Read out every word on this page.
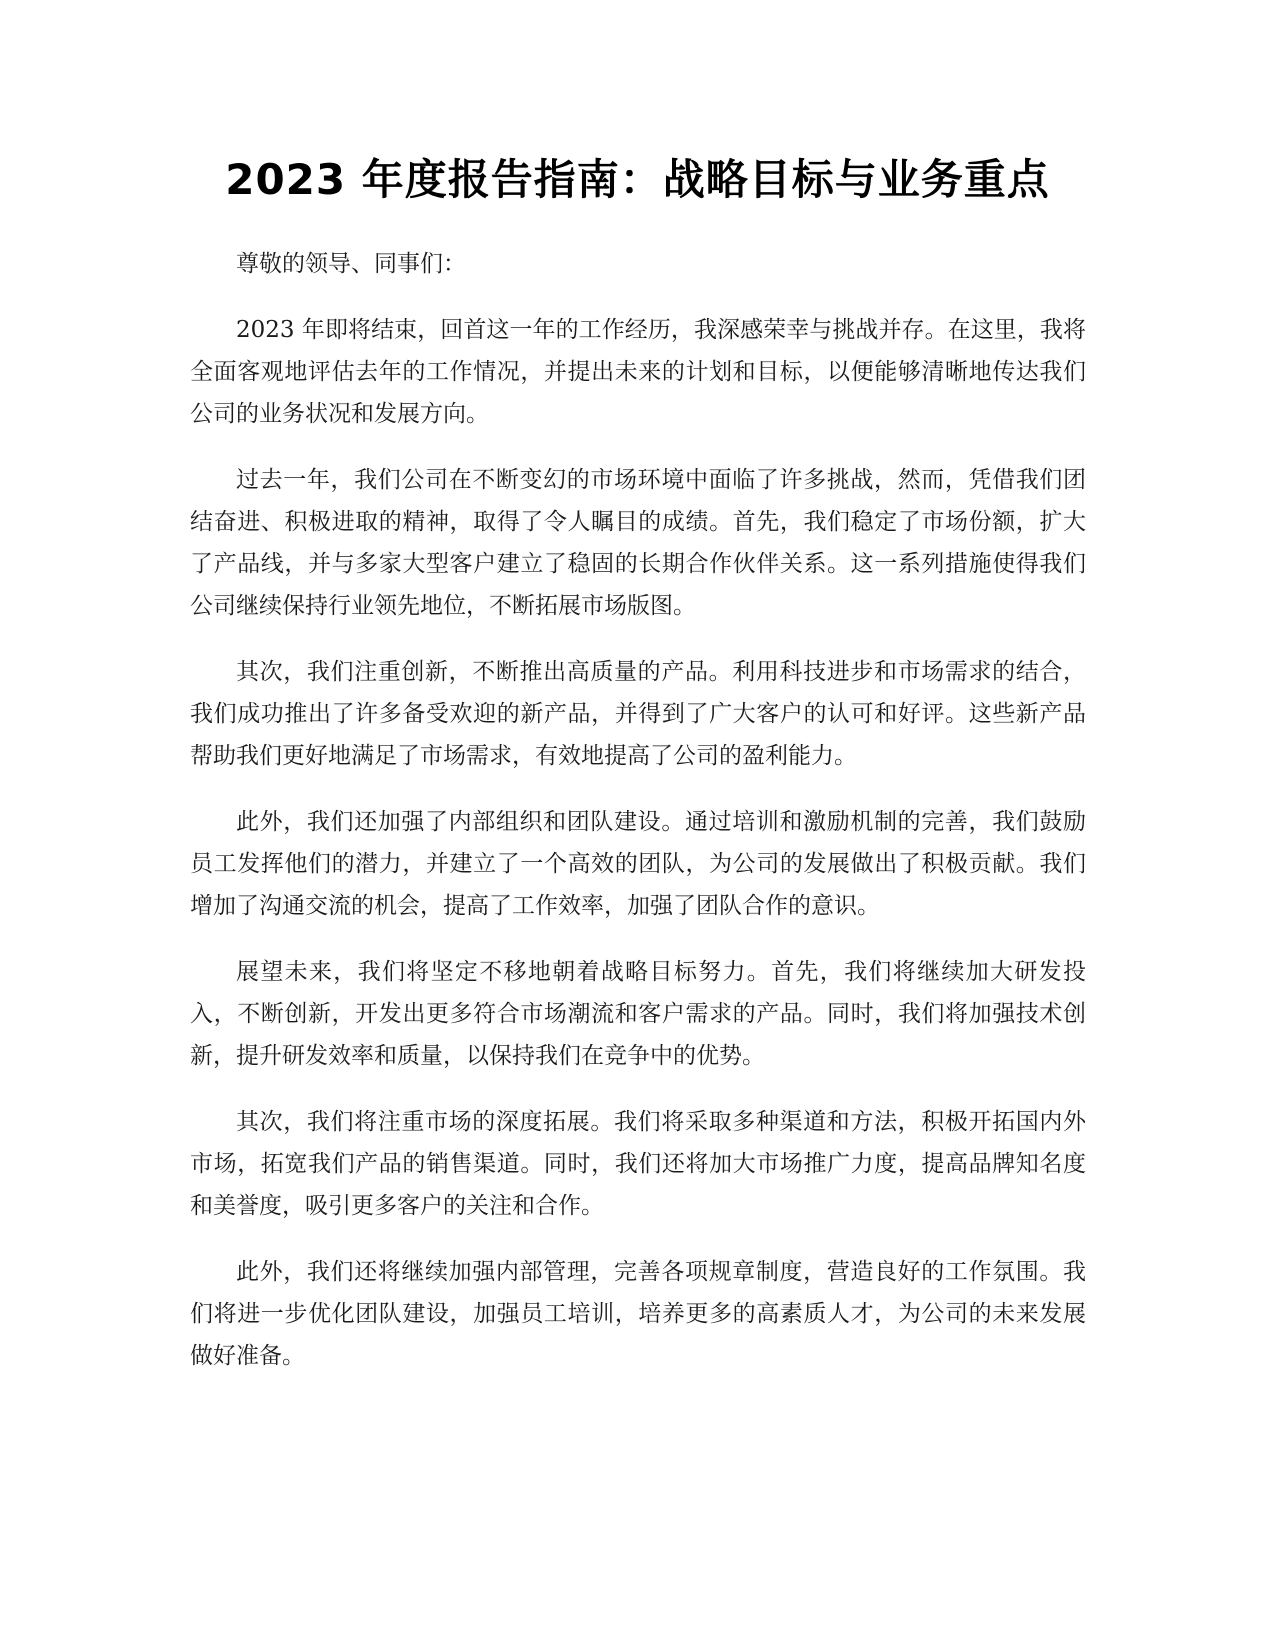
2023 年度报告指南：战略目标与业务重点

尊敬的领导、同事们：

2023 年即将结束，回首这一年的工作经历，我深感荣幸与挑战并存。在这里，我将全面客观地评估去年的工作情况，并提出未来的计划和目标，以便能够清晰地传达我们公司的业务状况和发展方向。

过去一年，我们公司在不断变幻的市场环境中面临了许多挑战，然而，凭借我们团结奋进、积极进取的精神，取得了令人瞩目的成绩。首先，我们稳定了市场份额，扩大了产品线，并与多家大型客户建立了稳固的长期合作伙伴关系。这一系列措施使得我们公司继续保持行业领先地位，不断拓展市场版图。

其次，我们注重创新，不断推出高质量的产品。利用科技进步和市场需求的结合，我们成功推出了许多备受欢迎的新产品，并得到了广大客户的认可和好评。这些新产品帮助我们更好地满足了市场需求，有效地提高了公司的盈利能力。

此外，我们还加强了内部组织和团队建设。通过培训和激励机制的完善，我们鼓励员工发挥他们的潜力，并建立了一个高效的团队，为公司的发展做出了积极贡献。我们增加了沟通交流的机会，提高了工作效率，加强了团队合作的意识。

展望未来，我们将坚定不移地朝着战略目标努力。首先，我们将继续加大研发投入，不断创新，开发出更多符合市场潮流和客户需求的产品。同时，我们将加强技术创新，提升研发效率和质量，以保持我们在竞争中的优势。

其次，我们将注重市场的深度拓展。我们将采取多种渠道和方法，积极开拓国内外市场，拓宽我们产品的销售渠道。同时，我们还将加大市场推广力度，提高品牌知名度和美誉度，吸引更多客户的关注和合作。

此外，我们还将继续加强内部管理，完善各项规章制度，营造良好的工作氛围。我们将进一步优化团队建设，加强员工培训，培养更多的高素质人才，为公司的未来发展做好准备。
